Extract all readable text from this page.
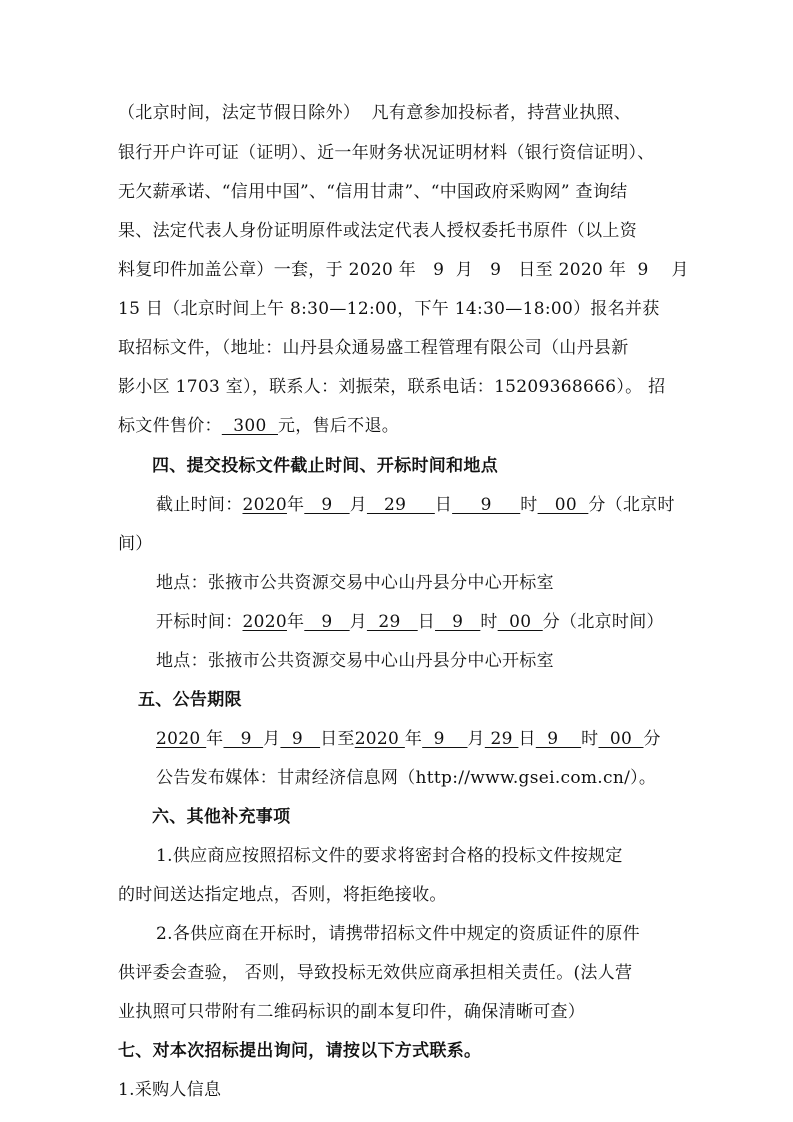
（北京时间，法定节假日除外）  凡有意参加投标者，持营业执照、
银行开户许可证（证明）、近一年财务状况证明材料（银行资信证明）、
无欠薪承诺、“信用中国”、“信用甘肃”、“中国政府采购网” 查询结
果、法定代表人身份证明原件或法定代表人授权委托书原件（以上资
料复印件加盖公章）一套，于 2020 年   9  月   9   日至 2020 年  9    月
15 日（北京时间上午 8:30—12:00，下午 14:30—18:00）报名并获
取招标文件，（地址：山丹县众通易盛工程管理有限公司（山丹县新
影小区 1703 室），联系人：刘振荣，联系电话：15209368666）。 招
标文件售价：  300  元，售后不退。
四、提交投标文件截止时间、开标时间和地点
截止时间：2020年   9   月   29     日     9     时   00  分（北京时
间）
地点：张掖市公共资源交易中心山丹县分中心开标室
开标时间：2020年   9   月  29   日   9   时  00  分（北京时间）
地点：张掖市公共资源交易中心山丹县分中心开标室
五、公告期限
2020 年   9  月  9   日至2020 年  9    月 29 日  9    时  00  分
公告发布媒体：甘肃经济信息网（http://www.gsei.com.cn/）。
六、其他补充事项
1.供应商应按照招标文件的要求将密封合格的投标文件按规定
的时间送达指定地点，否则，将拒绝接收。
2.各供应商在开标时，请携带招标文件中规定的资质证件的原件
供评委会查验， 否则，导致投标无效供应商承担相关责任。(法人营
业执照可只带附有二维码标识的副本复印件，确保清晰可查）
七、对本次招标提出询问，请按以下方式联系。
1.采购人信息
